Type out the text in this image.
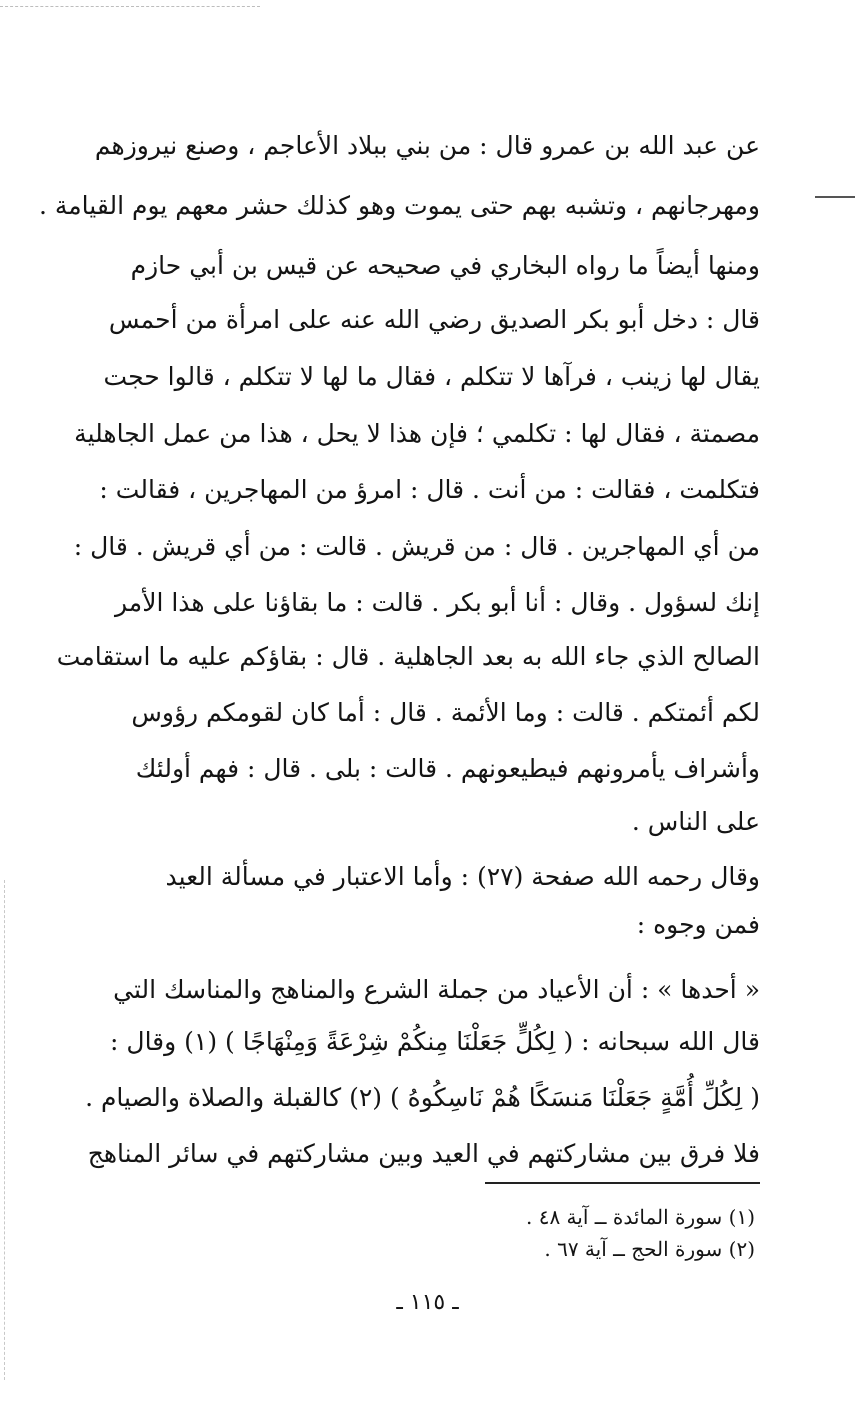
عن عبد الله بن عمرو قال : من بني ببلاد الأعاجم ، وصنع نيروزهم
ومهرجانهم ، وتشبه بهم حتى يموت وهو كذلك حشر معهم يوم القيامة .
ومنها أيضاً ما رواه البخاري في صحيحه عن قيس بن أبي حازم
قال : دخل أبو بكر الصديق رضي الله عنه على امرأة من أحمس
يقال لها زينب ، فرآها لا تتكلم ، فقال ما لها لا تتكلم ، قالوا حجت
مصمتة ، فقال لها : تكلمي ؛ فإن هذا لا يحل ، هذا من عمل الجاهلية
فتكلمت ، فقالت : من أنت . قال : امرؤ من المهاجرين ، فقالت :
من أي المهاجرين . قال : من قريش . قالت : من أي قريش . قال :
إنك لسؤول . وقال : أنا أبو بكر . قالت : ما بقاؤنا على هذا الأمر
الصالح الذي جاء الله به بعد الجاهلية . قال : بقاؤكم عليه ما استقامت
لكم أئمتكم . قالت : وما الأئمة . قال : أما كان لقومكم رؤوس
وأشراف يأمرونهم فيطيعونهم . قالت : بلى . قال : فهم أولئك
على الناس .
وقال رحمه الله صفحة (٢٧) : وأما الاعتبار في مسألة العيد
فمن وجوه :
« أحدها » : أن الأعياد من جملة الشرع والمناهج والمناسك التي
قال الله سبحانه : ( لِكُلٍّ جَعَلْنَا مِنكُمْ شِرْعَةً وَمِنْهَاجًا ) (١) وقال :
( لِكُلِّ أُمَّةٍ جَعَلْنَا مَنسَكًا هُمْ نَاسِكُوهُ ) (٢) كالقبلة والصلاة والصيام .
فلا فرق بين مشاركتهم في العيد وبين مشاركتهم في سائر المناهج
(١) سورة المائدة ــ آية ٤٨ .
(٢) سورة الحج ــ آية ٦٧ .
ـ ١١٥ ـ
